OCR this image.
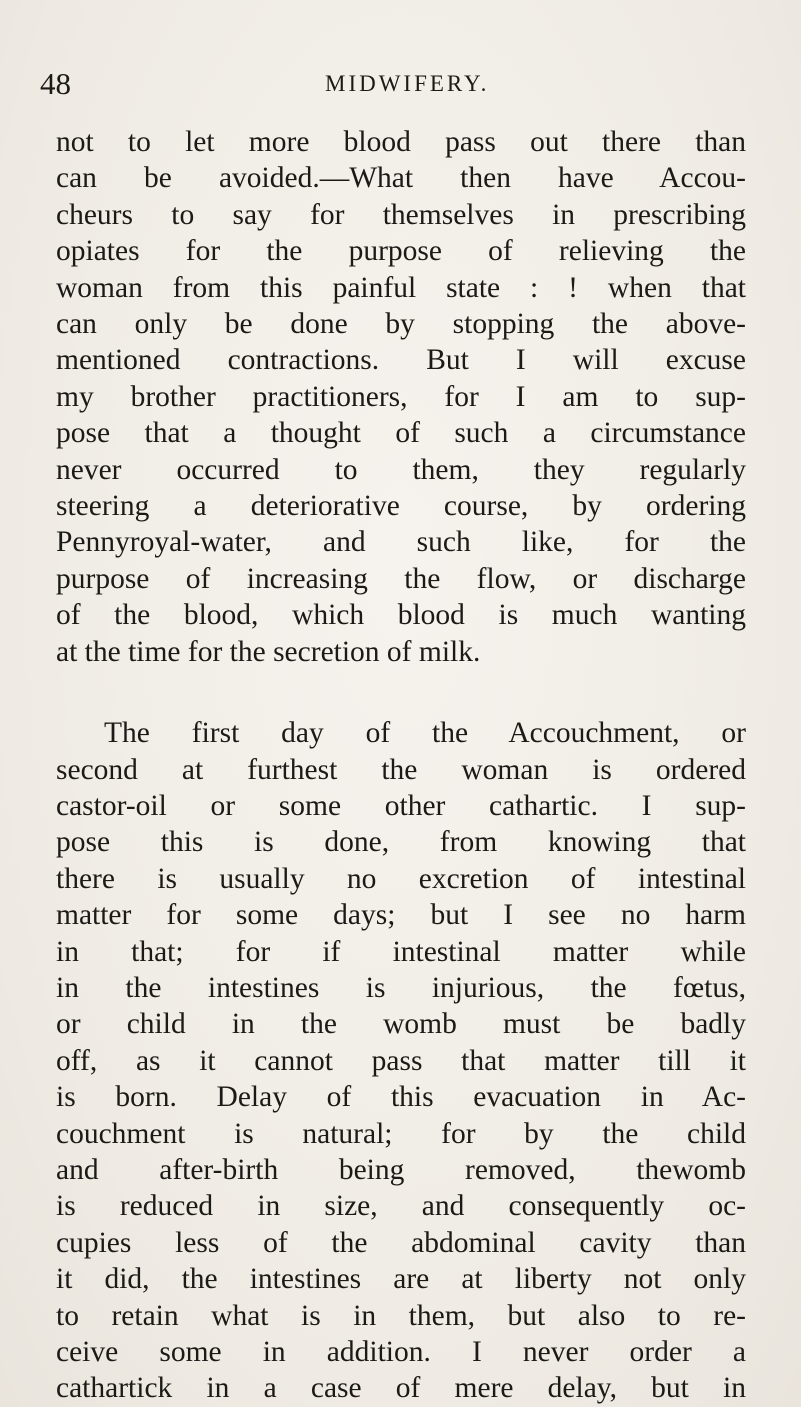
48	MIDWIFERY.
not to let more blood pass out there than
can be avoided.—What then have Accou-
cheurs to say for themselves in prescribing
opiates for the purpose of relieving the
woman from this painful state : ! when that
can only be done by stopping the above-
mentioned contractions. But I will excuse
my brother practitioners, for I am to sup-
pose that a thought of such a circumstance
never occurred to them, they regularly
steering a deteriorative course, by ordering
Pennyroyal-water, and such like, for the
purpose of increasing the flow, or discharge
of the blood, which blood is much wanting
at the time for the secretion of milk.
The first day of the Accouchment, or
second at furthest the woman is ordered
castor-oil or some other cathartic. I sup-
pose this is done, from knowing that
there is usually no excretion of intestinal
matter for some days; but I see no harm
in that; for if intestinal matter while
in the intestines is injurious, the fœtus,
or child in the womb must be badly
off, as it cannot pass that matter till it
is born. Delay of this evacuation in Ac-
couchment is natural; for by the child
and after-birth being removed, thewomb
is reduced in size, and consequently oc-
cupies less of the abdominal cavity than
it did, the intestines are at liberty not only
to retain what is in them, but also to re-
ceive some in addition. I never order a
cathartick in a case of mere delay, but in
